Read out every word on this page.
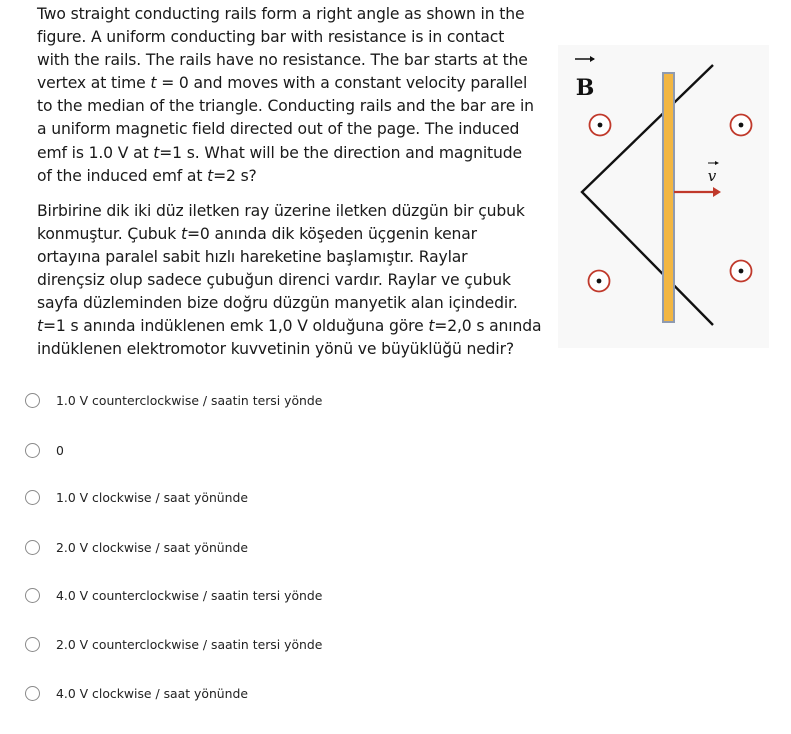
Two straight conducting rails form a right angle as shown in the
figure. A uniform conducting bar with resistance is in contact
with the rails. The rails have no resistance. The bar starts at the
vertex at time t = 0 and moves with a constant velocity parallel
to the median of the triangle. Conducting rails and the bar are in
a uniform magnetic field directed out of the page. The induced
emf is 1.0 V at t=1 s. What will be the direction and magnitude
of the induced emf at t=2 s?

Birbirine dik iki düz iletken ray üzerine iletken düzgün bir çubuk
konmuştur. Çubuk t=0 anında dik köşeden üçgenin kenar
ortayına paralel sabit hızlı hareketine başlamıştır. Raylar
dirençsiz olup sadece çubuğun direnci vardır. Raylar ve çubuk
sayfa düzleminden bize doğru düzgün manyetik alan içindedir.
t=1 s anında indüklenen emk 1,0 V olduğuna göre t=2,0 s anında
indüklenen elektromotor kuvvetinin yönü ve büyüklüğü nedir?

B
v
1.0 V counterclockwise / saatin tersi yönde
0
1.0 V clockwise / saat yönünde
2.0 V clockwise / saat yönünde
4.0 V counterclockwise / saatin tersi yönde
2.0 V counterclockwise / saatin tersi yönde
4.0 V clockwise / saat yönünde
